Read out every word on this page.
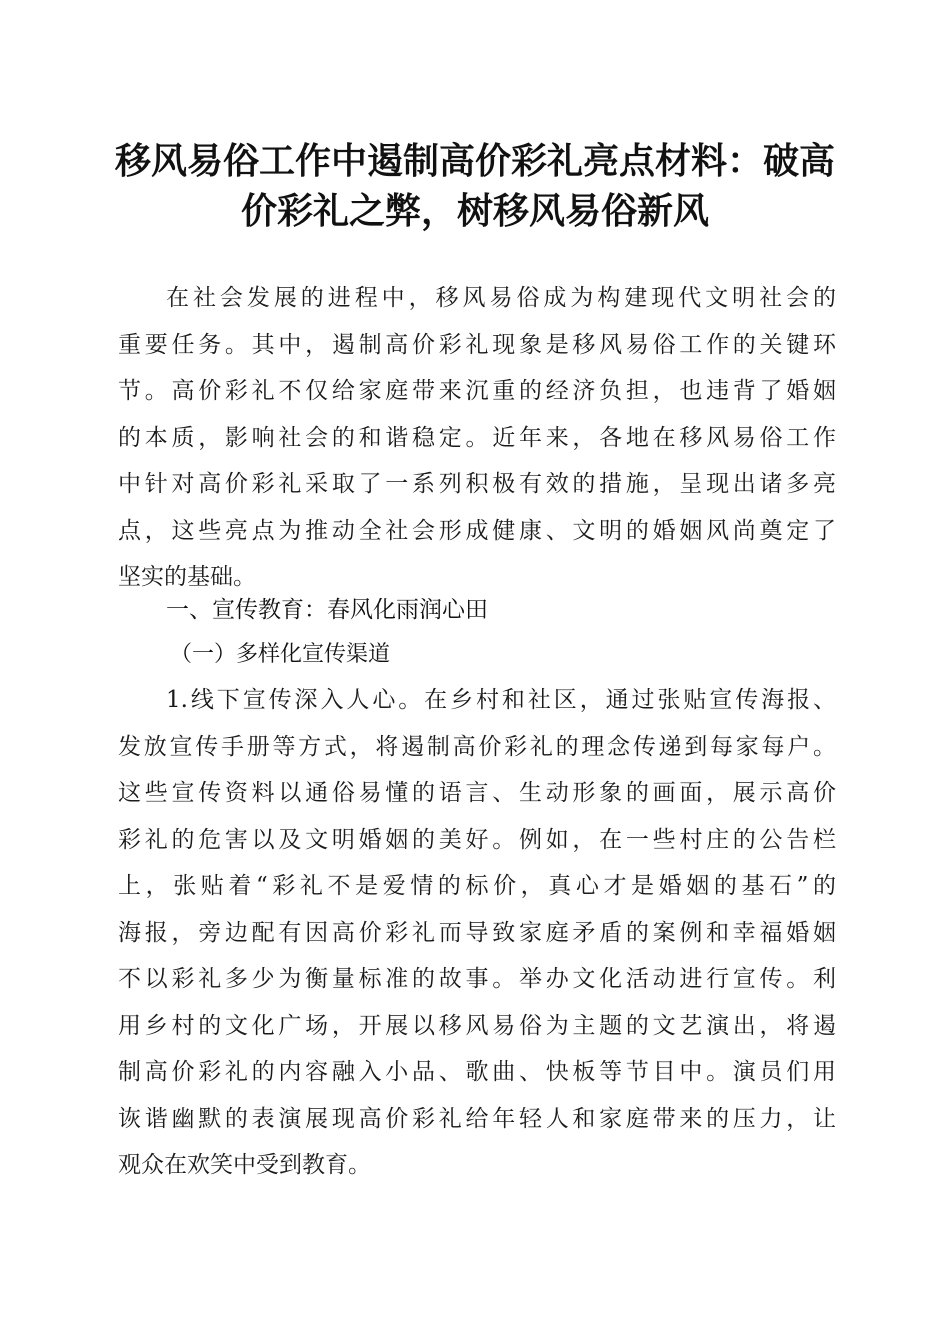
移风易俗工作中遏制高价彩礼亮点材料：破高
价彩礼之弊，树移风易俗新风
在社会发展的进程中，移风易俗成为构建现代文明社会的
重要任务。其中，遏制高价彩礼现象是移风易俗工作的关键环
节。高价彩礼不仅给家庭带来沉重的经济负担，也违背了婚姻
的本质，影响社会的和谐稳定。近年来，各地在移风易俗工作
中针对高价彩礼采取了一系列积极有效的措施，呈现出诸多亮
点，这些亮点为推动全社会形成健康、文明的婚姻风尚奠定了
坚实的基础。
一、宣传教育：春风化雨润心田
（一）多样化宣传渠道
1.线下宣传深入人心。在乡村和社区，通过张贴宣传海报、
发放宣传手册等方式，将遏制高价彩礼的理念传递到每家每户。
这些宣传资料以通俗易懂的语言、生动形象的画面，展示高价
彩礼的危害以及文明婚姻的美好。例如，在一些村庄的公告栏
上，张贴着“彩礼不是爱情的标价，真心才是婚姻的基石”的
海报，旁边配有因高价彩礼而导致家庭矛盾的案例和幸福婚姻
不以彩礼多少为衡量标准的故事。举办文化活动进行宣传。利
用乡村的文化广场，开展以移风易俗为主题的文艺演出，将遏
制高价彩礼的内容融入小品、歌曲、快板等节目中。演员们用
诙谐幽默的表演展现高价彩礼给年轻人和家庭带来的压力，让
观众在欢笑中受到教育。
